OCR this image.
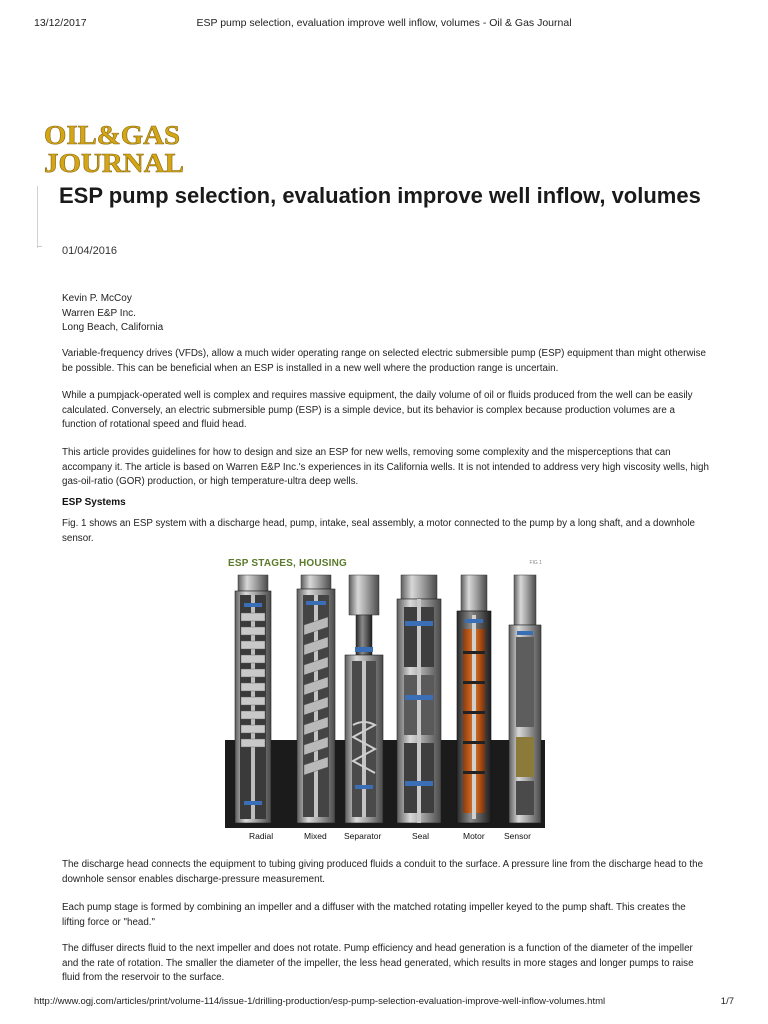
13/12/2017	ESP pump selection, evaluation improve well inflow, volumes - Oil & Gas Journal
OIL&GAS
JOURNAL
ESP pump selection, evaluation improve well inflow, volumes
01/04/2016
Kevin P. McCoy
Warren E&P Inc.
Long Beach, California

Variable-frequency drives (VFDs), allow a much wider operating range on selected electric submersible pump (ESP) equipment than might otherwise be possible. This can be beneficial when an ESP is installed in a new well where the production range is uncertain.

While a pumpjack-operated well is complex and requires massive equipment, the daily volume of oil or fluids produced from the well can be easily calculated. Conversely, an electric submersible pump (ESP) is a simple device, but its behavior is complex because production volumes are a function of rotational speed and fluid head.

This article provides guidelines for how to design and size an ESP for new wells, removing some complexity and the misperceptions that can accompany it. The article is based on Warren E&P Inc.'s experiences in its California wells. It is not intended to address very high viscosity wells, high gas-oil-ratio (GOR) production, or high temperature-ultra deep wells.

ESP Systems

Fig. 1 shows an ESP system with a discharge head, pump, intake, seal assembly, a motor connected to the pump by a long shaft, and a downhole sensor.

ESP STAGES, HOUSING	FIG 1
Radial	Mixed Separator	Seal	Motor Sensor

The discharge head connects the equipment to tubing giving produced fluids a conduit to the surface. A pressure line from the discharge head to the downhole sensor enables discharge-pressure measurement.

Each pump stage is formed by combining an impeller and a diffuser with the matched rotating impeller keyed to the pump shaft. This creates the lifting force or "head."

The diffuser directs fluid to the next impeller and does not rotate. Pump efficiency and head generation is a function of the diameter of the impeller and the rate of rotation. The smaller the diameter of the impeller, the less head generated, which results in more stages and longer pumps to raise fluid from the reservoir to the surface.

http://www.ogj.com/articles/print/volume-114/issue-1/drilling-production/esp-pump-selection-evaluation-improve-well-inflow-volumes.html	1/7
